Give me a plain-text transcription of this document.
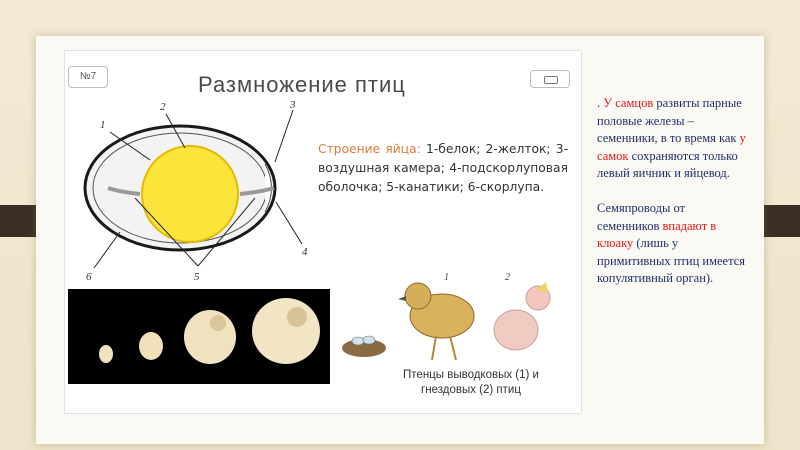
№7	Размножение птиц
1
2	3
4
5
6
Строение яйца: 1-белок; 2-желток; 3-воздушная камера; 4-подскорлуповая оболочка; 5-канатики; 6-скорлупа.
1	2
Птенцы выводковых (1) и гнездовых (2) птиц

. У самцов развиты парные половые железы – семенники, в то время как у самок сохраняются только левый яичник и яйцевод.

Семяпроводы от семенников впадают в клоаку (лишь у примитивных птиц имеется копулятивный орган).
